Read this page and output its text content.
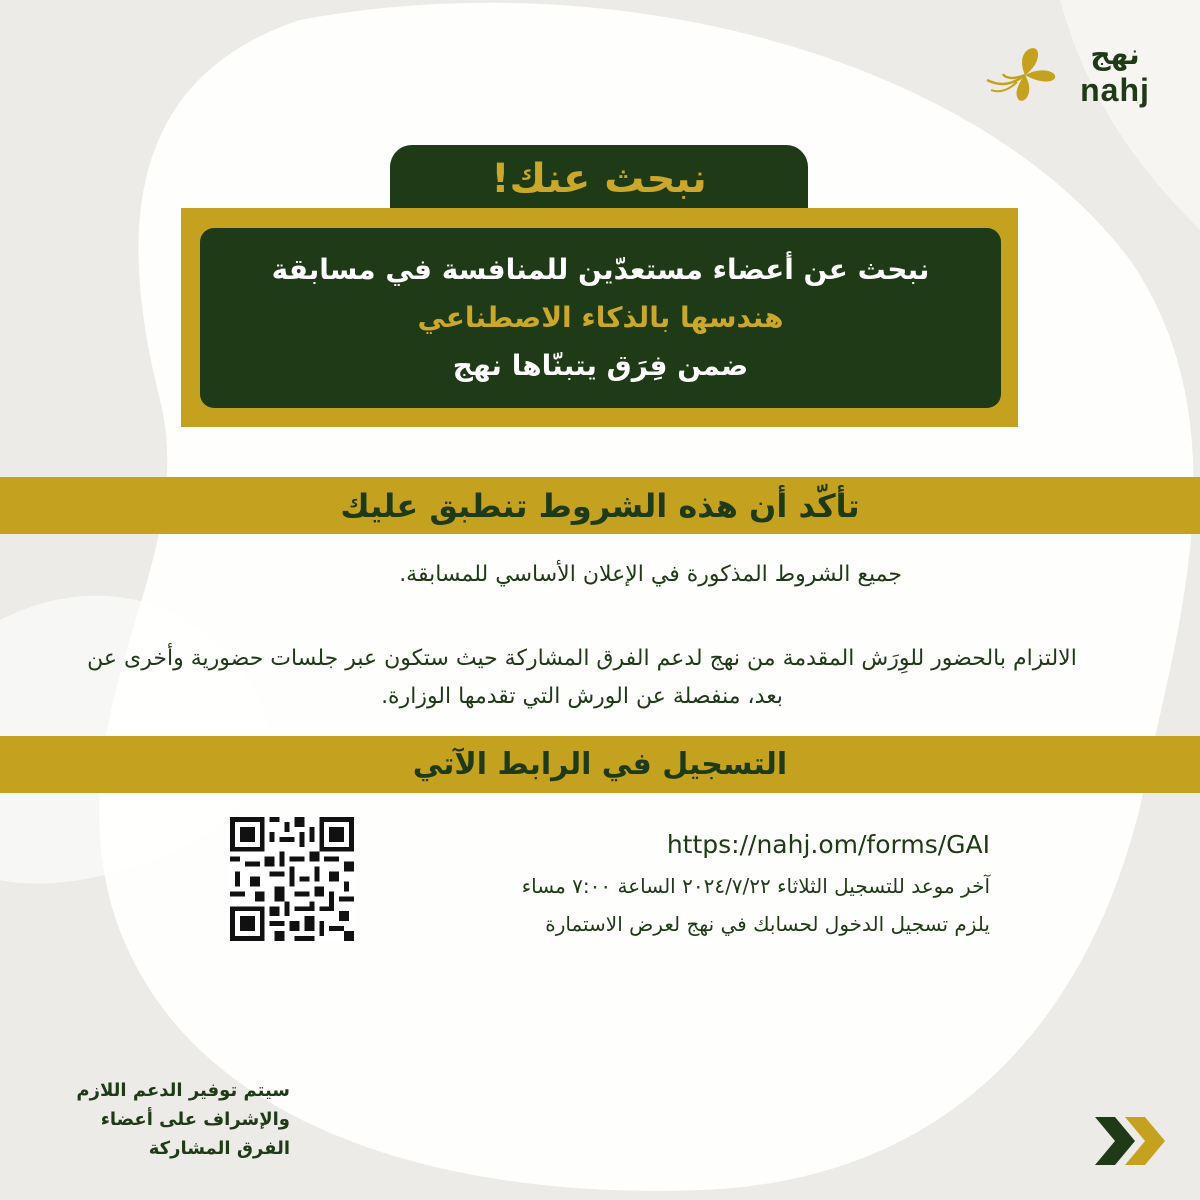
نهج
nahj
نبحث عنك!
نبحث عن أعضاء مستعدّين للمنافسة في مسابقة
هندسها بالذكاء الاصطناعي
ضمن فِرَق يتبنّاها نهج
تأكّد أن هذه الشروط تنطبق عليك
جميع الشروط المذكورة في الإعلان الأساسي للمسابقة.
الالتزام بالحضور للوِرَش المقدمة من نهج لدعم الفرق المشاركة حيث ستكون عبر جلسات حضورية وأخرى عن بعد، منفصلة عن الورش التي تقدمها الوزارة.
التسجيل في الرابط الآتي
https://nahj.om/forms/GAI
آخر موعد للتسجيل الثلاثاء ٢٠٢٤/٧/٢٢ الساعة ٧:٠٠ مساء
يلزم تسجيل الدخول لحسابك في نهج لعرض الاستمارة
سيتم توفير الدعم اللازم
والإشراف على أعضاء
الفرق المشاركة
